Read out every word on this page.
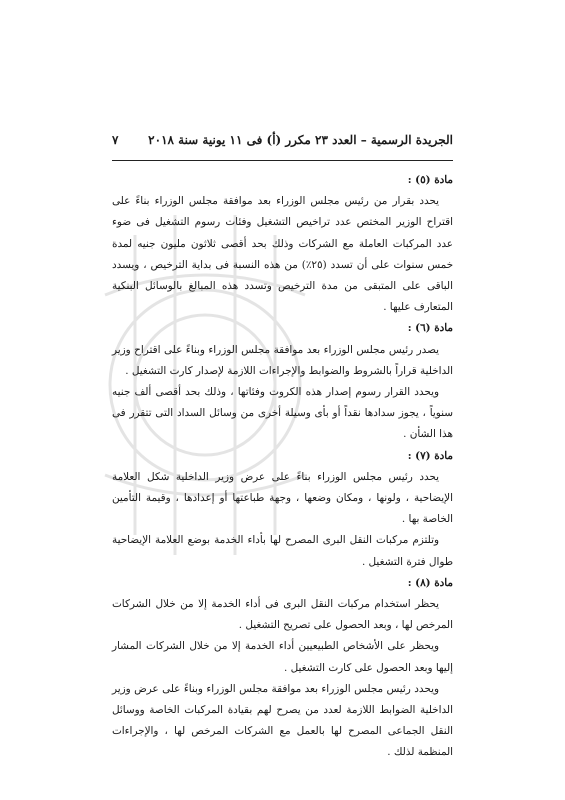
الجريدة الرسمية – العدد ٢٣ مكرر (أ) فى ١١ يونية سنة ٢٠١٨
٧

مادة (٥) :

يحدد بقرار من رئيس مجلس الوزراء بعد موافقة مجلس الوزراء بناءً على اقتراح الوزير المختص عدد تراخيص التشغيل وفئات رسوم التشغيل فى ضوء عدد المركبات العاملة مع الشركات وذلك بحد أقصى ثلاثون مليون جنيه لمدة خمس سنوات على أن تسدد (٢٥٪) من هذه النسبة فى بداية الترخيص ، ويسدد الباقى على المتبقى من مدة الترخيص وتسدد هذه المبالغ بالوسائل البنكية المتعارف عليها .

مادة (٦) :

يصدر رئيس مجلس الوزراء بعد موافقة مجلس الوزراء وبناءً على اقتراح وزير الداخلية قراراً بالشروط والضوابط والإجراءات اللازمة لإصدار كارت التشغيل .

ويحدد القرار رسوم إصدار هذه الكروت وفئاتها ، وذلك بحد أقصى ألف جنيه سنوياً ، يجوز سدادها نقداً أو بأى وسيلة أخرى من وسائل السداد التى تتقرر فى هذا الشأن .

مادة (٧) :

يحدد رئيس مجلس الوزراء بناءً على عرض وزير الداخلية شكل العلامة الإيضاحية ، ولونها ، ومكان وضعها ، وجهة طباعتها أو إعدادها ، وقيمة التأمين الخاصة بها .

وتلتزم مركبات النقل البرى المصرح لها بأداء الخدمة بوضع العلامة الإيضاحية طوال فترة التشغيل .

مادة (٨) :

يحظر استخدام مركبات النقل البرى فى أداء الخدمة إلا من خلال الشركات المرخص لها ، وبعد الحصول على تصريح التشغيل .

ويحظر على الأشخاص الطبيعيين أداء الخدمة إلا من خلال الشركات المشار إليها وبعد الحصول على كارت التشغيل .

ويحدد رئيس مجلس الوزراء بعد موافقة مجلس الوزراء وبناءً على عرض وزير الداخلية الضوابط اللازمة لعدد من يصرح لهم بقيادة المركبات الخاصة ووسائل النقل الجماعى المصرح لها بالعمل مع الشركات المرخص لها ، والإجراءات المنظمة لذلك .
